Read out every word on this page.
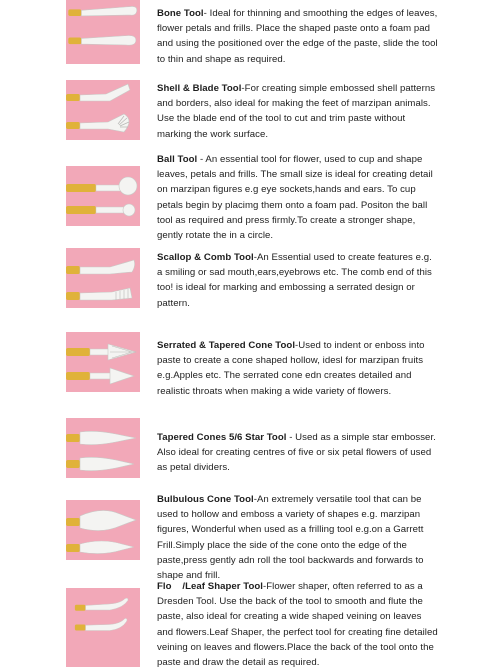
Bone Tool- Ideal for thinning and smoothing the edges of leaves, flower petals and frills. Place the shaped paste onto a foam pad and using the positioned over the edge of the paste, slide the tool to thin and shape as required.
Shell & Blade Tool-For creating simple embossed shell patterns and borders, also ideal for making the feet of marzipan animals. Use the blade end of the tool to cut and trim paste without marking the work surface.
Ball Tool - An essential tool for flower, used to cup and shape leaves, petals and frills. The small size is ideal for creating detail on marzipan figures e.g eye sockets,hands and ears. To cup petals begin by placimg them onto a foam pad. Positon the ball tool as required and press firmly.To create a stronger shape, gently rotate the in a circle.
Scallop & Comb Tool-An Essential used to create features e.g. a smiling or sad mouth,ears,eyebrows etc. The comb end of this too! is ideal for marking and embossing a serrated design or pattern.
Serrated & Tapered Cone Tool-Used to indent or enboss into paste to create a cone shaped hollow, idesl for marzipan fruits e.g.Apples etc. The serrated cone edn creates detailed and realistic throats when making a wide variety of flowers.
Tapered Cones 5/6 Star Tool - Used as a simple star embosser. Also ideal for creating centres of five or six petal flowers of used as petal dividers.
Bulbulous Cone Tool-An extremely versatile tool that can be used to hollow and emboss a variety of shapes e.g. marzipan figures, Wonderful when used as a frilling tool e.g.on a Garrett Frill.Simply place the side of the cone onto the edge of the paste,press gently adn roll the tool backwards and forwards to shape and frill.
Flo    /Leaf Shaper Tool-Flower shaper, often referred to as a Dresden Tool. Use the back of the tool to smooth and flute the paste, also ideal for creating a wide shaped veining on leaves and flowers.Leaf Shaper, the perfect tool for creating fine detailed veining on leaves and flowers.Place the back of the tool onto the paste and draw the detail as required.
